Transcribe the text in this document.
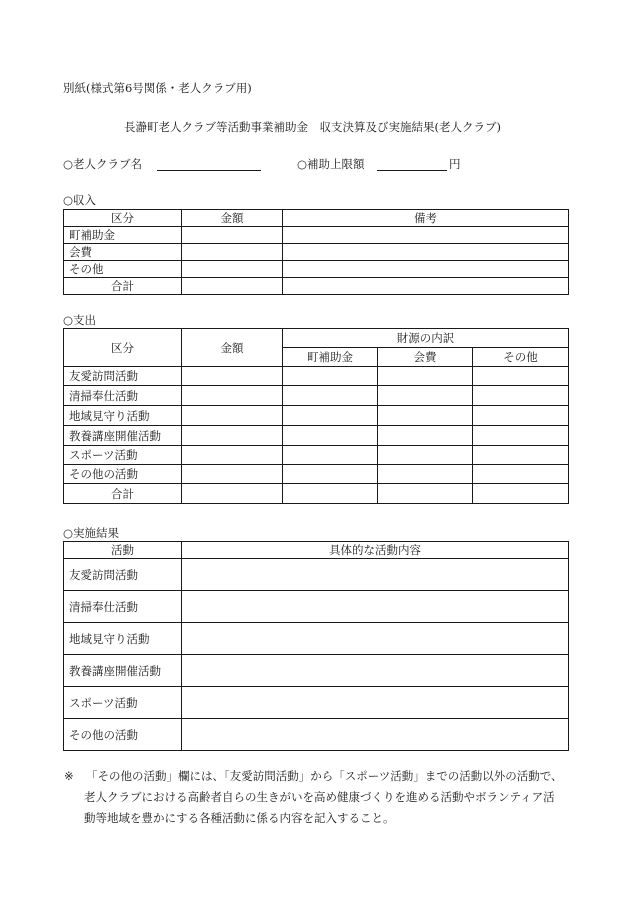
別紙(様式第6号関係・老人クラブ用)
長瀞町老人クラブ等活動事業補助金　収支決算及び実施結果(老人クラブ)
○老人クラブ名	○補助上限額	円
○収入
区分	金額	備考
町補助金		
会費		
その他		
合計		
○支出
区分	金額	財源の内訳		
		町補助金	会費	その他
友愛訪問活動				
清掃奉仕活動				
地域見守り活動				
教養講座開催活動				
スポーツ活動				
その他の活動				
合計				
○実施結果
活動	具体的な活動内容
友愛訪問活動	
清掃奉仕活動	
地域見守り活動	
教養講座開催活動	
スポーツ活動	
その他の活動	
※ 「その他の活動」欄には、「友愛訪問活動」から「スポーツ活動」までの活動以外の活動で、

老人クラブにおける高齢者自らの生きがいを高め健康づくりを進める活動やボランティア活

動等地域を豊かにする各種活動に係る内容を記入すること。
